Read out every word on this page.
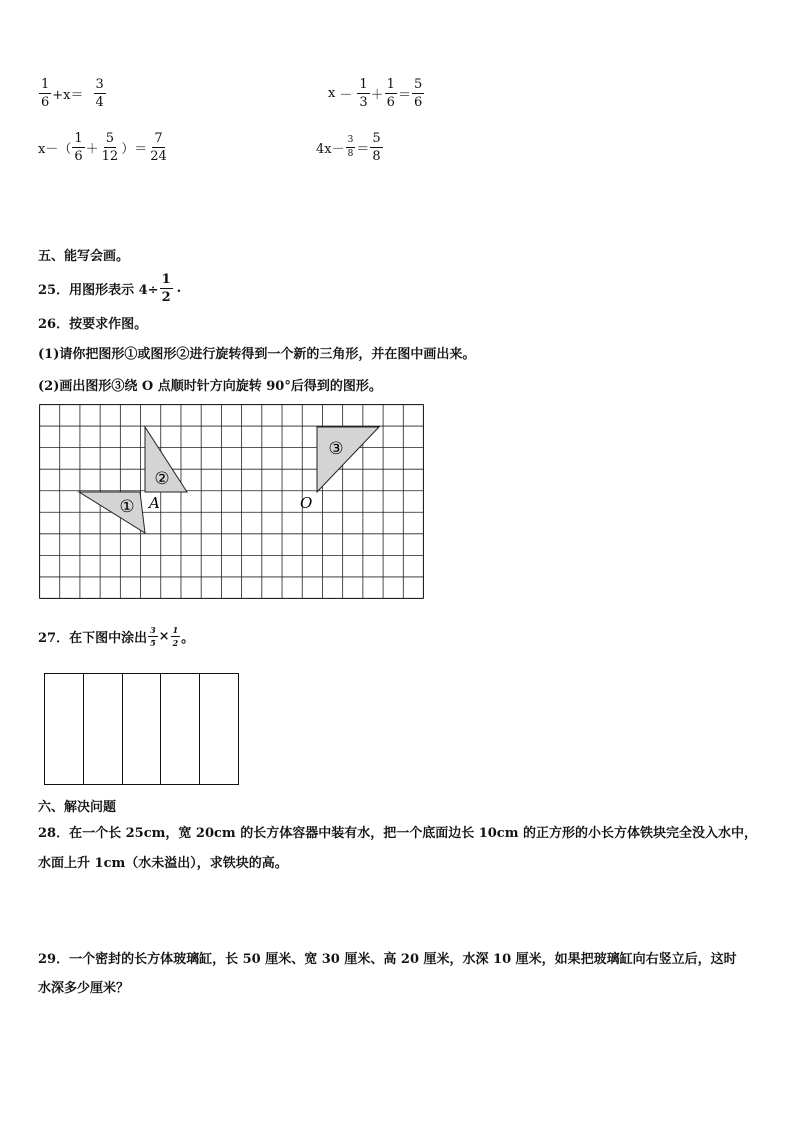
$\frac{1}{6} +x= \frac{3}{4}$	$x - \frac{1}{3} + \frac{1}{6} = \frac{5}{6}$
$x-( \frac{1}{6} + \frac{5}{12}$ ）＝ $\frac{7}{24}$	$4x- \frac{3}{8} = \frac{5}{8}$
五、能写会画。
25．用图形表示 $4\div \frac{1}{2}$ .
26．按要求作图。
(1)请你把图形①或图形②进行旋转得到一个新的三角形，并在图中画出来。
(2)画出图形③绕 O 点顺时针方向旋转 90°后得到的图形。
①
②
③
A	O
27．在下图中涂出 $\frac{3}{5} \times \frac{1}{2}$ 。
六、解决问题
28．在一个长 25cm，宽 20cm 的长方体容器中装有水，把一个底面边长 10cm 的正方形的小长方体铁块完全没入水中，
水面上升 1cm（水未溢出），求铁块的高。
29．一个密封的长方体玻璃缸，长 50 厘米、宽 30 厘米、高 20 厘米，水深 10 厘米，如果把玻璃缸向右竖立后，这时
水深多少厘米？
